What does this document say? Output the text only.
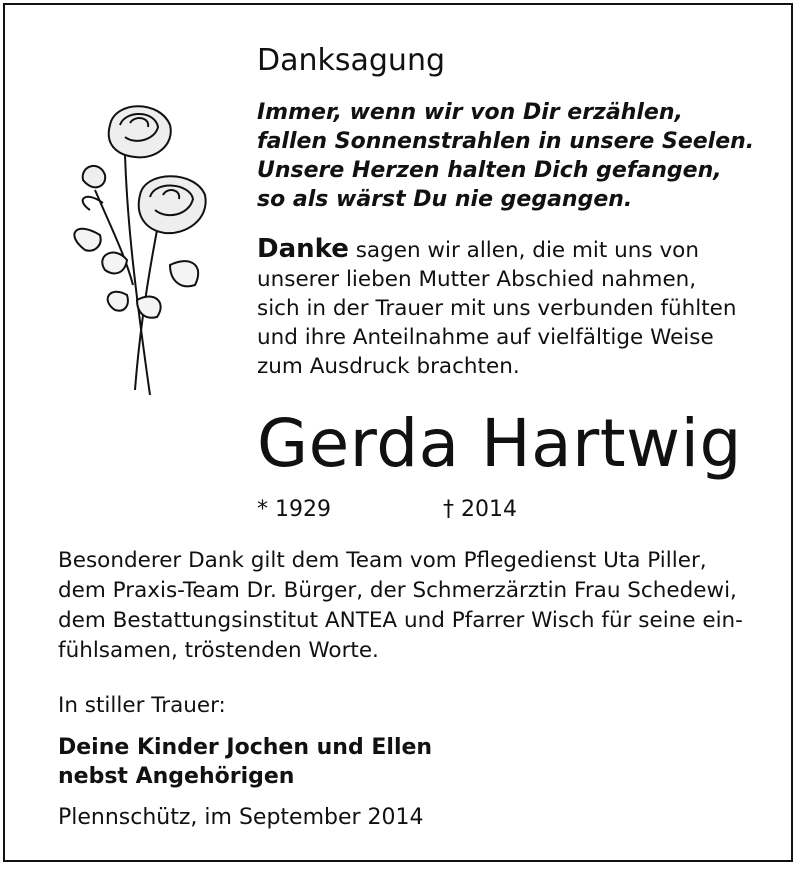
Danksagung
Immer, wenn wir von Dir erzählen,
fallen Sonnenstrahlen in unsere Seelen.
Unsere Herzen halten Dich gefangen,
so als wärst Du nie gegangen.
Danke sagen wir allen, die mit uns von
unserer lieben Mutter Abschied nahmen,
sich in der Trauer mit uns verbunden fühlten
und ihre Anteilnahme auf vielfältige Weise
zum Ausdruck brachten.
Gerda Hartwig
* 1929	† 2014
Besonderer Dank gilt dem Team vom Pflegedienst Uta Piller,
dem Praxis-Team Dr. Bürger, der Schmerzärztin Frau Schedewi,
dem Bestattungsinstitut ANTEA und Pfarrer Wisch für seine ein-
fühlsamen, tröstenden Worte.
In stiller Trauer:
Deine Kinder Jochen und Ellen
nebst Angehörigen
Plennschütz, im September 2014
